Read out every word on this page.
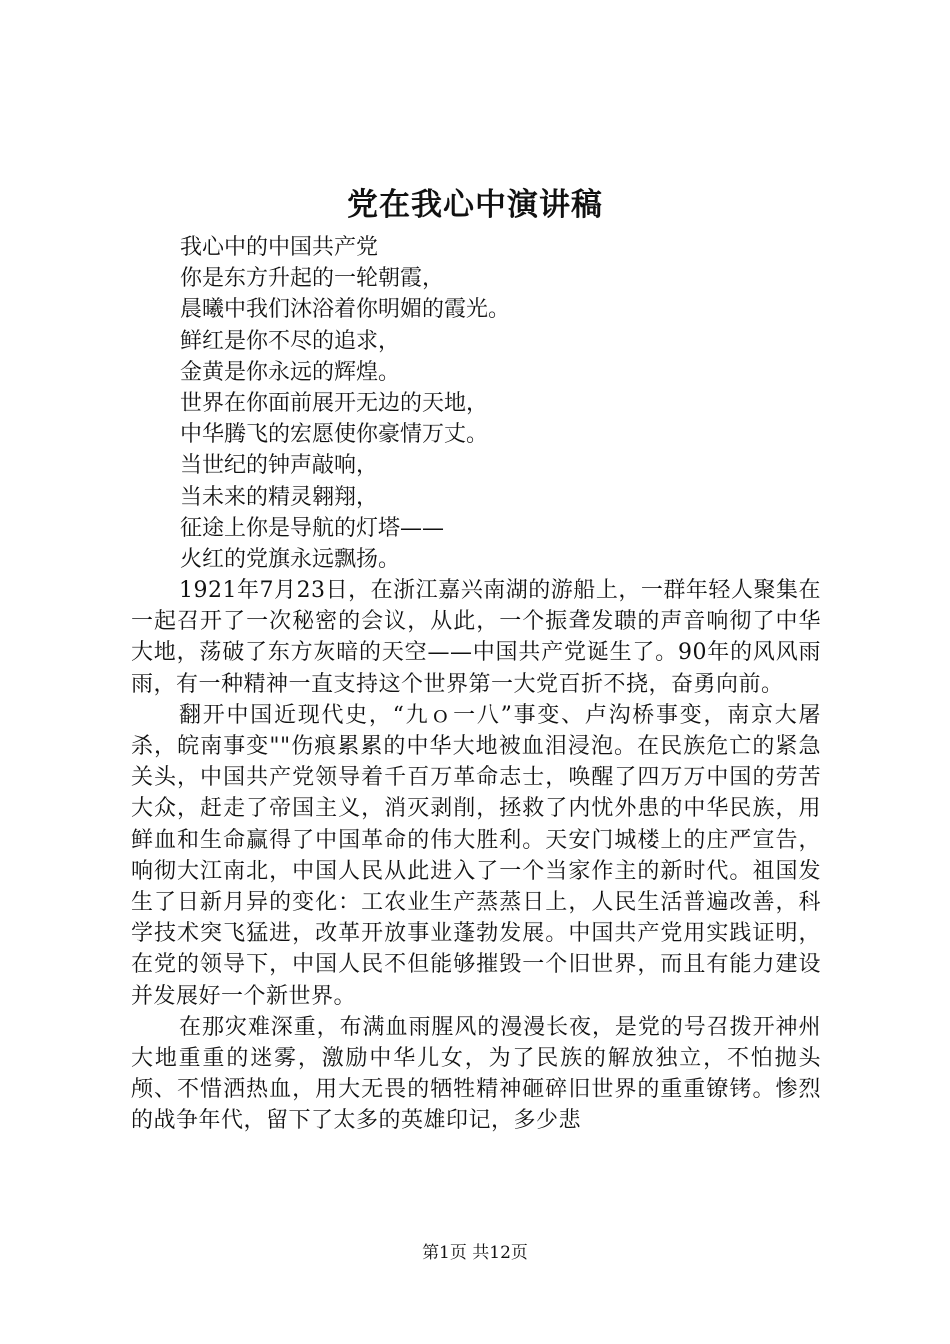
党在我心中演讲稿
我心中的中国共产党
你是东方升起的一轮朝霞，
晨曦中我们沐浴着你明媚的霞光。
鲜红是你不尽的追求，
金黄是你永远的辉煌。
世界在你面前展开无边的天地，
中华腾飞的宏愿使你豪情万丈。
当世纪的钟声敲响，
当未来的精灵翱翔，
征途上你是导航的灯塔——
火红的党旗永远飘扬。

1921年7月23日，在浙江嘉兴南湖的游船上，一群年轻人聚集在一起召开了一次秘密的会议，从此，一个振聋发聩的声音响彻了中华大地，荡破了东方灰暗的天空——中国共产党诞生了。90年的风风雨雨，有一种精神一直支持这个世界第一大党百折不挠，奋勇向前。

翻开中国近现代史，“九ｏ一八”事变、卢沟桥事变，南京大屠杀，皖南事变""伤痕累累的中华大地被血泪浸泡。在民族危亡的紧急关头，中国共产党领导着千百万革命志士，唤醒了四万万中国的劳苦大众，赶走了帝国主义，消灭剥削，拯救了内忧外患的中华民族，用鲜血和生命赢得了中国革命的伟大胜利。天安门城楼上的庄严宣告，响彻大江南北，中国人民从此进入了一个当家作主的新时代。祖国发生了日新月异的变化：工农业生产蒸蒸日上，人民生活普遍改善，科学技术突飞猛进，改革开放事业蓬勃发展。中国共产党用实践证明，在党的领导下，中国人民不但能够摧毁一个旧世界，而且有能力建设并发展好一个新世界。

在那灾难深重，布满血雨腥风的漫漫长夜，是党的号召拨开神州大地重重的迷雾，激励中华儿女，为了民族的解放独立，不怕抛头颅、不惜洒热血，用大无畏的牺牲精神砸碎旧世界的重重镣铐。惨烈的战争年代，留下了太多的英雄印记，多少悲

第1页 共12页
